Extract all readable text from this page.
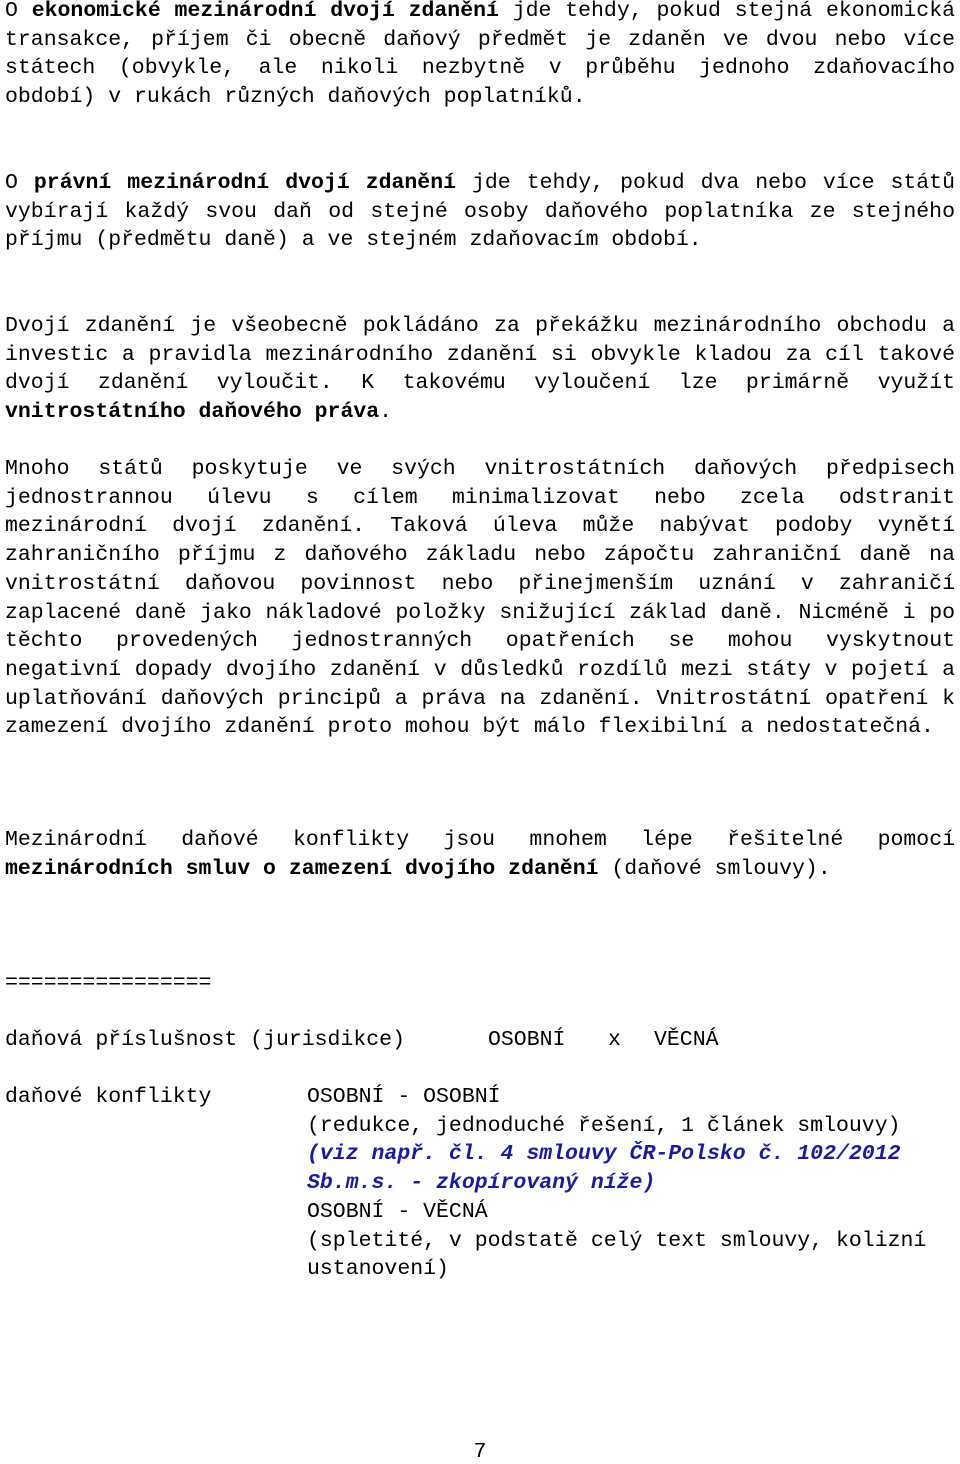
O ekonomické mezinárodní dvojí zdanění jde tehdy, pokud stejná ekonomická transakce, příjem či obecně daňový předmět je zdaněn ve dvou nebo více státech (obvykle, ale nikoli nezbytně v průběhu jednoho zdaňovacího období) v rukách různých daňových poplatníků.

O právní mezinárodní dvojí zdanění jde tehdy, pokud dva nebo více států vybírají každý svou daň od stejné osoby daňového poplatníka ze stejného příjmu (předmětu daně) a ve stejném zdaňovacím období.

Dvojí zdanění je všeobecně pokládáno za překážku mezinárodního obchodu a investic a pravidla mezinárodního zdanění si obvykle kladou za cíl takové dvojí zdanění vyloučit. K takovému vyloučení lze primárně využít vnitrostátního daňového práva.

Mnoho států poskytuje ve svých vnitrostátních daňových předpisech jednostrannou úlevu s cílem minimalizovat nebo zcela odstranit mezinárodní dvojí zdanění. Taková úleva může nabývat podoby vynětí zahraničního příjmu z daňového základu nebo zápočtu zahraniční daně na vnitrostátní daňovou povinnost nebo přinejmenším uznání v zahraničí zaplacené daně jako nákladové položky snižující základ daně. Nicméně i po těchto provedených jednostranných opatřeních se mohou vyskytnout negativní dopady dvojího zdanění v důsledků rozdílů mezi státy v pojetí a uplatňování daňových principů a práva na zdanění. Vnitrostátní opatření k zamezení dvojího zdanění proto mohou být málo flexibilní a nedostatečná.

Mezinárodní daňové konflikty jsou mnohem lépe řešitelné pomocí mezinárodních smluv o zamezení dvojího zdanění (daňové smlouvy).

================

daňová příslušnost (jurisdikce)

	OSOBNÍ

x

VĚCNÁ

daňové konflikty	OSOBNÍ - OSOBNÍ
(redukce, jednoduché řešení, 1 článek smlouvy)
(viz např. čl. 4 smlouvy ČR-Polsko č. 102/2012 Sb.m.s. - zkopírovaný níže)
OSOBNÍ - VĚCNÁ
(spletité, v podstatě celý text smlouvy, kolizní ustanovení)
7
